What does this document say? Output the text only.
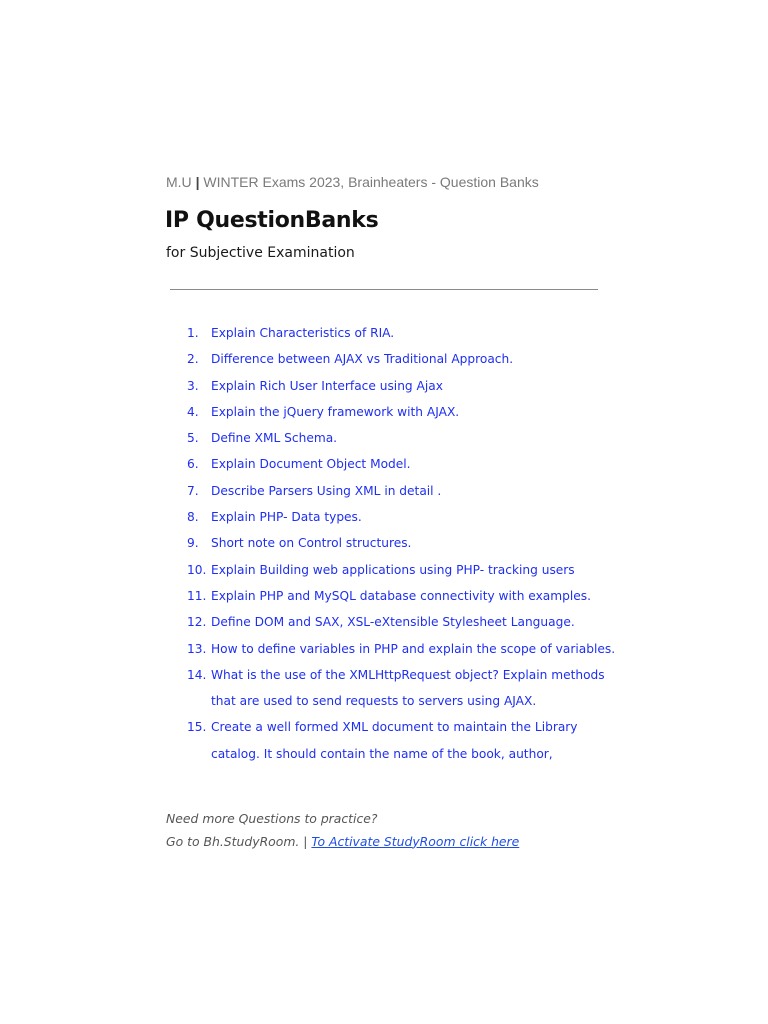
M.U | WINTER Exams 2023, Brainheaters - Question Banks
IP QuestionBanks
for Subjective Examination
1.	Explain Characteristics of RIA.
2.	Difference between AJAX vs Traditional Approach.
3.	Explain Rich User Interface using Ajax
4.	Explain the jQuery framework with AJAX.
5.	Define XML Schema.
6.	Explain Document Object Model.
7.	Describe Parsers Using XML in detail .
8.	Explain PHP- Data types.
9.	Short note on Control structures.
10. Explain Building web applications using PHP- tracking users
11. Explain PHP and MySQL database connectivity with examples.
12. Define DOM and SAX, XSL-eXtensible Stylesheet Language.
13. How to define variables in PHP and explain the scope of variables.
14. What is the use of the XMLHttpRequest object? Explain methods that are used to send requests to servers using AJAX.
15. Create a well formed XML document to maintain the Library catalog. It should contain the name of the book, author,
Need more Questions to practice?
Go to Bh.StudyRoom. | To Activate StudyRoom click here
